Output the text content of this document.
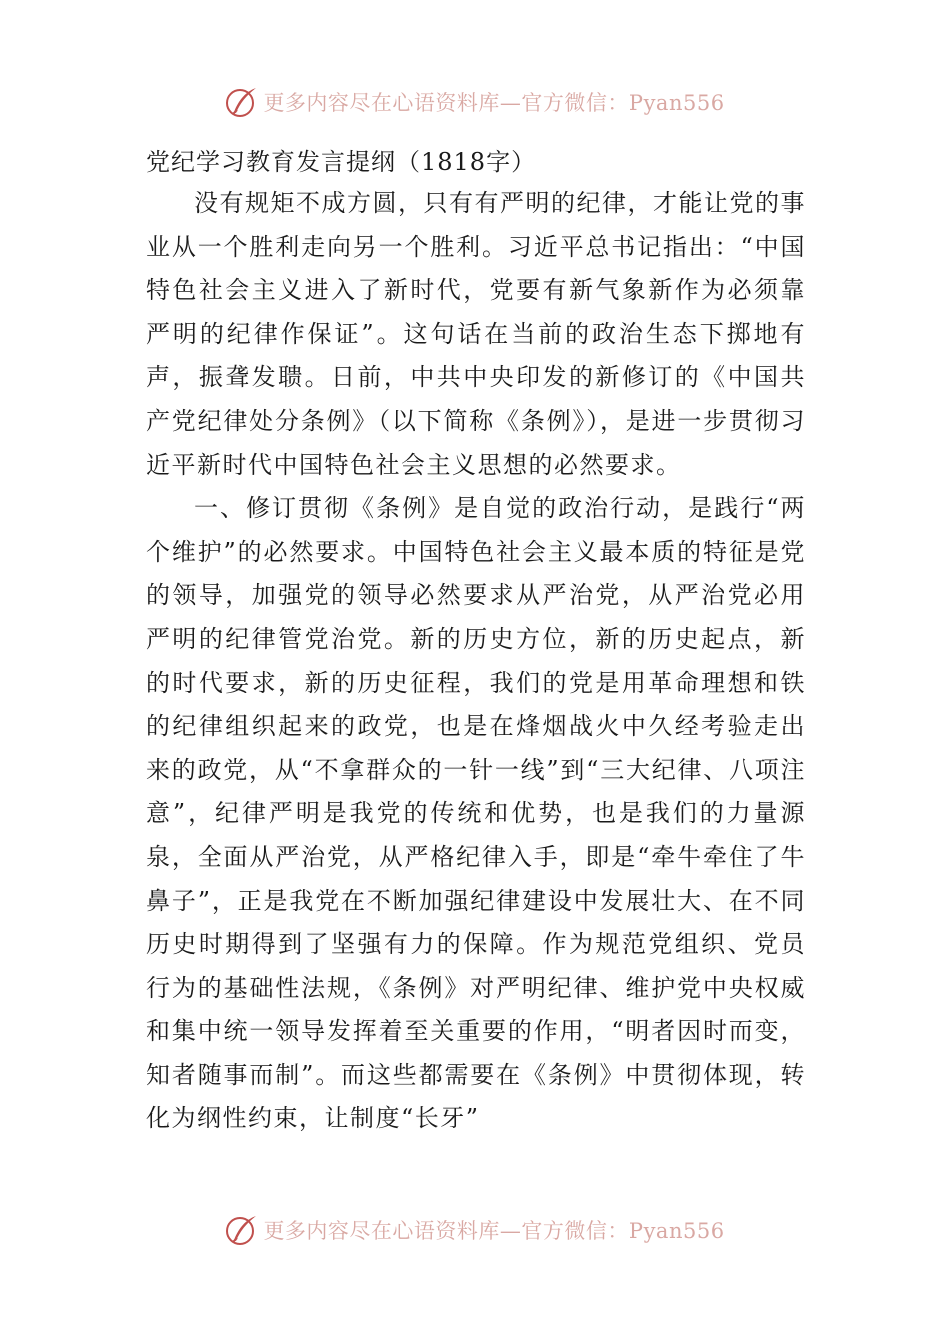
更多内容尽在心语资料库—官方微信：Pyan556
党纪学习教育发言提纲（1818字）

没有规矩不成方圆，只有有严明的纪律，才能让党的事业从一个胜利走向另一个胜利。习近平总书记指出：“中国特色社会主义进入了新时代，党要有新气象新作为必须靠严明的纪律作保证”。这句话在当前的政治生态下掷地有声，振聋发聩。日前，中共中央印发的新修订的《中国共产党纪律处分条例》（以下简称《条例》），是进一步贯彻习近平新时代中国特色社会主义思想的必然要求。

一、修订贯彻《条例》是自觉的政治行动，是践行“两个维护”的必然要求。中国特色社会主义最本质的特征是党的领导，加强党的领导必然要求从严治党，从严治党必用严明的纪律管党治党。新的历史方位，新的历史起点，新的时代要求，新的历史征程，我们的党是用革命理想和铁的纪律组织起来的政党，也是在烽烟战火中久经考验走出来的政党，从“不拿群众的一针一线”到“三大纪律、八项注意”，纪律严明是我党的传统和优势，也是我们的力量源泉，全面从严治党，从严格纪律入手，即是“牵牛牵住了牛鼻子”，正是我党在不断加强纪律建设中发展壮大、在不同历史时期得到了坚强有力的保障。作为规范党组织、党员行为的基础性法规，《条例》对严明纪律、维护党中央权威和集中统一领导发挥着至关重要的作用，“明者因时而变，知者随事而制”。而这些都需要在《条例》中贯彻体现，转化为纲性约束，让制度“长牙”

更多内容尽在心语资料库—官方微信：Pyan556
